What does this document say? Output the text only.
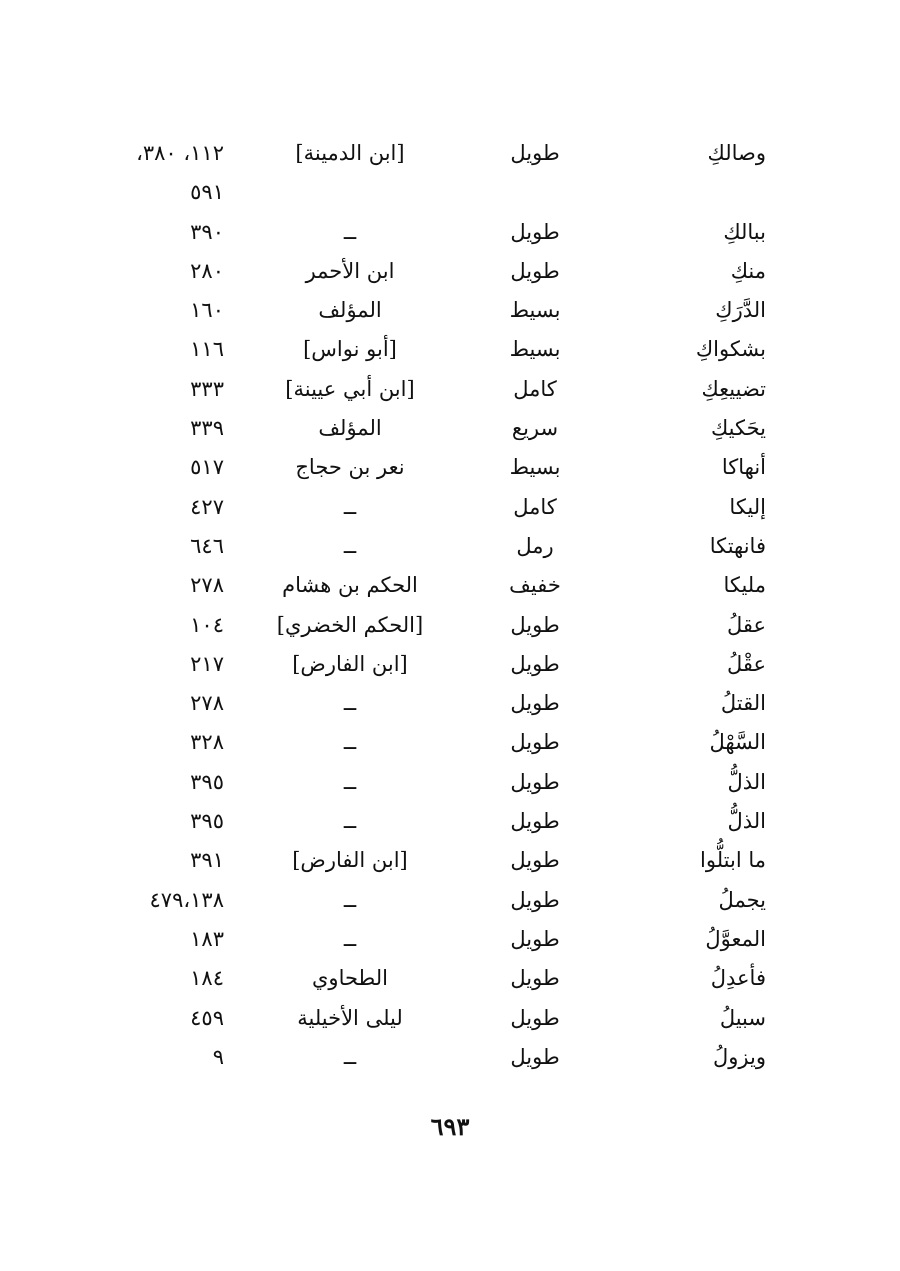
وصالكِ
طويل
[ابن الدمينة]
١١٢، ٣٨٠،
٥٩١
ببالكِ
طويل
ــ
٣٩٠
منكِ
طويل
ابن الأحمر
٢٨٠
الدَّرَكِ
بسيط
المؤلف
١٦٠
بشكواكِ
بسيط
[أبو نواس]
١١٦
تضييعِكِ
كامل
[ابن أبي عيينة]
٣٣٣
يحَكيكِ
سريع
المؤلف
٣٣٩
أنهاكا
بسيط
نعر بن حجاج
٥١٧
إليكا
كامل
ــ
٤٢٧
فانهتكا
رمل
ــ
٦٤٦
مليكا
خفيف
الحكم بن هشام
٢٧٨
عقلُ
طويل
[الحكم الخضري]
١٠٤
عقْلُ
طويل
[ابن الفارض]
٢١٧
القتلُ
طويل
ــ
٢٧٨
السَّهْلُ
طويل
ــ
٣٢٨
الذلُّ
طويل
ــ
٣٩٥
الذلُّ
طويل
ــ
٣٩٥
ما ابتلُّوا
طويل
[ابن الفارض]
٣٩١
يجملُ
طويل
ــ
٤٧٩،١٣٨
المعوَّلُ
طويل
ــ
١٨٣
فأعدِلُ
طويل
الطحاوي
١٨٤
سبيلُ
طويل
ليلى الأخيلية
٤٥٩
ويزولُ
طويل
ــ
٩
٦٩٣
